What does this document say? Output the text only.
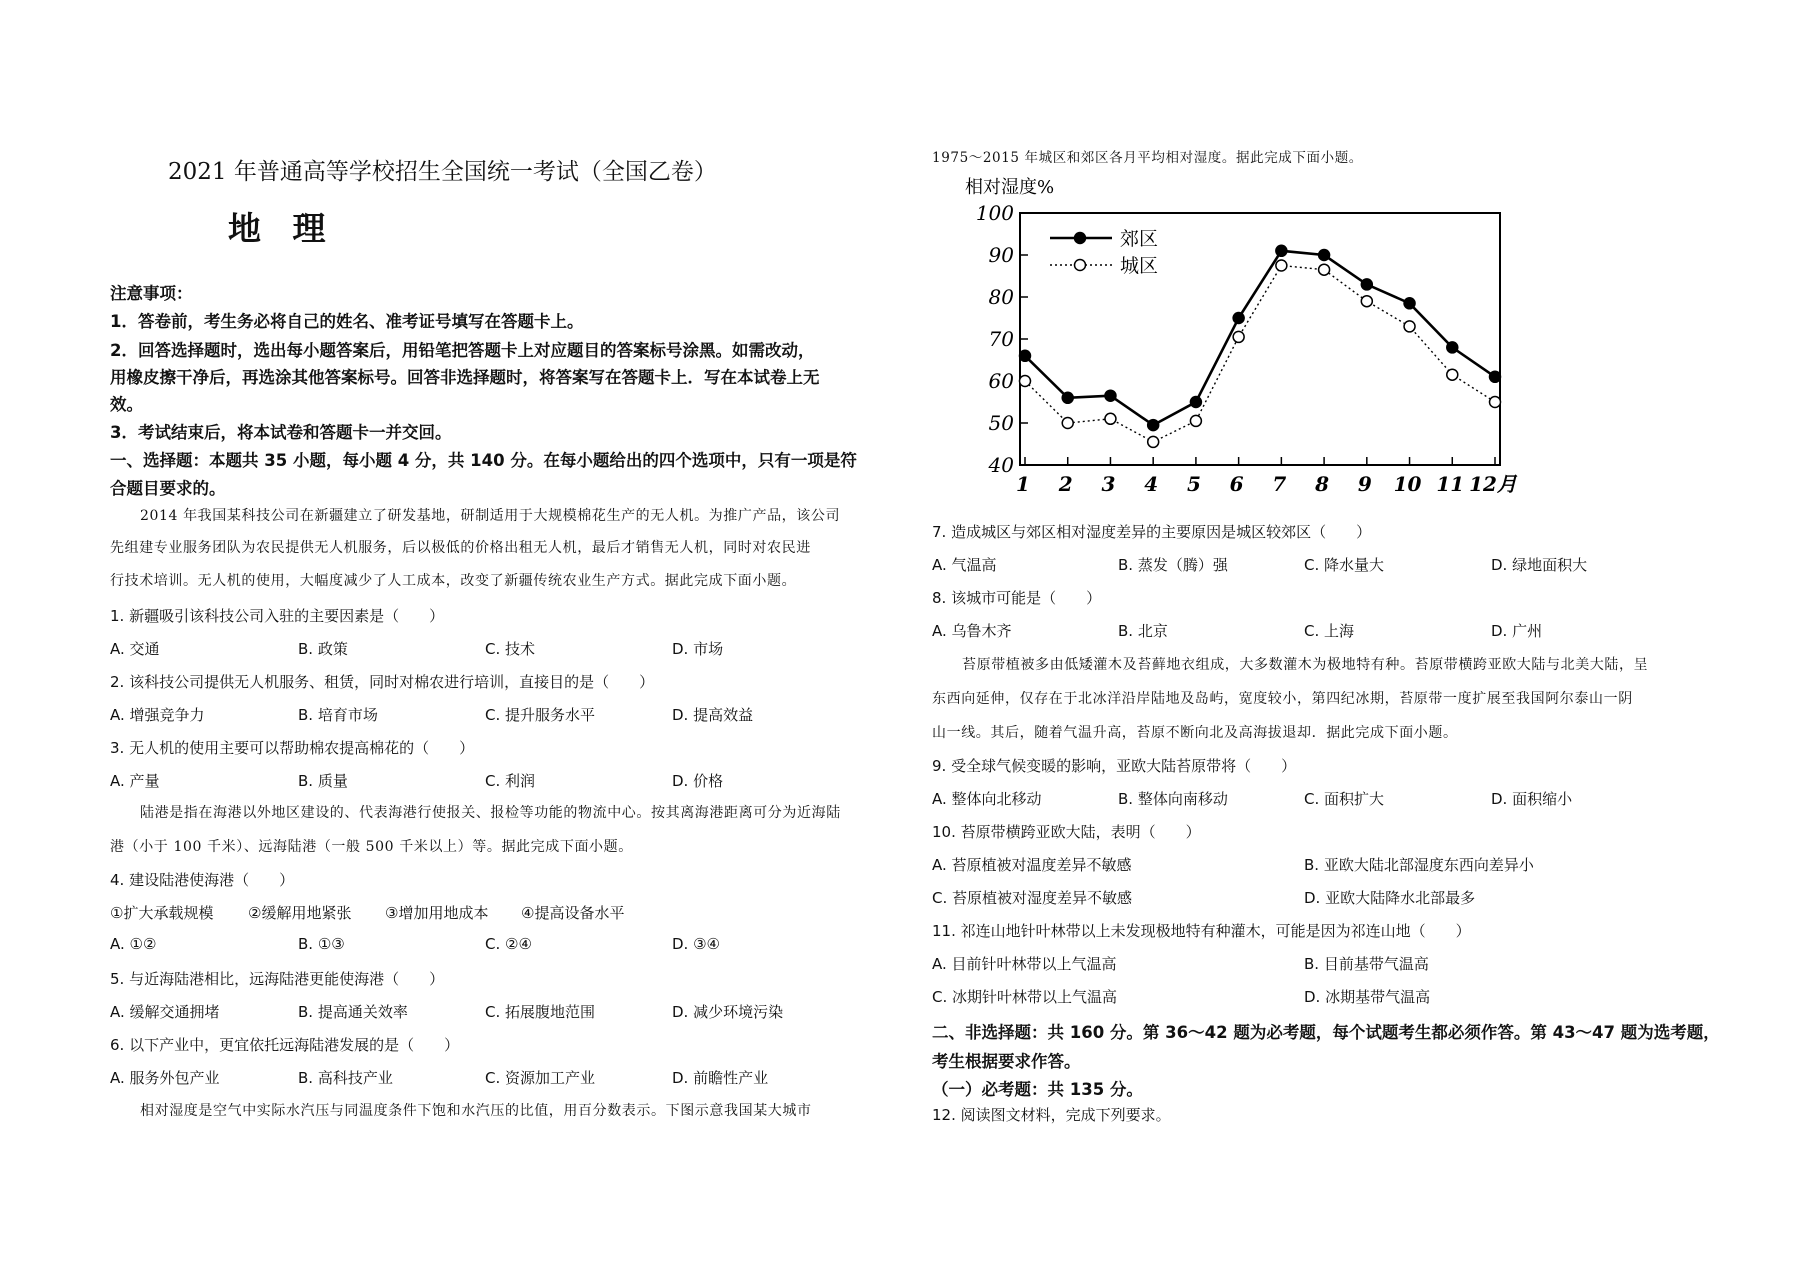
2021 年普通高等学校招生全国统一考试（全国乙卷）
地 理
注意事项：
1．答卷前，考生务必将自己的姓名、准考证号填写在答题卡上。
2．回答选择题时，选出每小题答案后，用铅笔把答题卡上对应题目的答案标号涂黑。如需改动，
用橡皮擦干净后，再选涂其他答案标号。回答非选择题时，将答案写在答题卡上．写在本试卷上无
效。
3．考试结束后，将本试卷和答题卡一并交回。
一、选择题：本题共 35 小题，每小题 4 分，共 140 分。在每小题给出的四个选项中，只有一项是符
合题目要求的。
2014 年我国某科技公司在新疆建立了研发基地，研制适用于大规模棉花生产的无人机。为推广产品，该公司
先组建专业服务团队为农民提供无人机服务，后以极低的价格出租无人机，最后才销售无人机，同时对农民进
行技术培训。无人机的使用，大幅度减少了人工成本，改变了新疆传统农业生产方式。据此完成下面小题。
1. 新疆吸引该科技公司入驻的主要因素是（　　）
A. 交通	B. 政策	C. 技术	D. 市场
2. 该科技公司提供无人机服务、租赁，同时对棉农进行培训，直接目的是（　　）
A. 增强竞争力	B. 培育市场	C. 提升服务水平	D. 提高效益
3. 无人机的使用主要可以帮助棉农提高棉花的（　　）
A. 产量	B. 质量	C. 利润	D. 价格
陆港是指在海港以外地区建设的、代表海港行使报关、报检等功能的物流中心。按其离海港距离可分为近海陆
港（小于 100 千米）、远海陆港（一般 500 千米以上）等。据此完成下面小题。
4. 建设陆港使海港（　　）
①扩大承载规模 ②缓解用地紧张 ③增加用地成本 ④提高设备水平
A. ①②	B. ①③	C. ②④	D. ③④
5. 与近海陆港相比，远海陆港更能使海港（　　）
A. 缓解交通拥堵	B. 提高通关效率	C. 拓展腹地范围	D. 减少环境污染
6. 以下产业中，更宜依托远海陆港发展的是（　　）
A. 服务外包产业	B. 高科技产业	C. 资源加工产业	D. 前瞻性产业
相对湿度是空气中实际水汽压与同温度条件下饱和水汽压的比值，用百分数表示。下图示意我国某大城市
1975～2015 年城区和郊区各月平均相对湿度。据此完成下面小题。
相对湿度%
40
50
60
70
80
90
100
1 2 3 4 5 6 7 8 9 10 11 12月
郊区
城区
7. 造成城区与郊区相对湿度差异的主要原因是城区较郊区（　　）
A. 气温高	B. 蒸发（腾）强	C. 降水量大	D. 绿地面积大
8. 该城市可能是（　　）
A. 乌鲁木齐	B. 北京	C. 上海	D. 广州
苔原带植被多由低矮灌木及苔藓地衣组成，大多数灌木为极地特有种。苔原带横跨亚欧大陆与北美大陆，呈
东西向延伸，仅存在于北冰洋沿岸陆地及岛屿，宽度较小，第四纪冰期，苔原带一度扩展至我国阿尔泰山一阴
山一线。其后，随着气温升高，苔原不断向北及高海拔退却．据此完成下面小题。
9. 受全球气候变暖的影响，亚欧大陆苔原带将（　　）
A. 整体向北移动	B. 整体向南移动	C. 面积扩大	D. 面积缩小
10. 苔原带横跨亚欧大陆，表明（　　）
A. 苔原植被对温度差异不敏感	B. 亚欧大陆北部湿度东西向差异小
C. 苔原植被对湿度差异不敏感	D. 亚欧大陆降水北部最多
11. 祁连山地针叶林带以上未发现极地特有种灌木，可能是因为祁连山地（　　）
A. 目前针叶林带以上气温高	B. 目前基带气温高
C. 冰期针叶林带以上气温高	D. 冰期基带气温高
二、非选择题：共 160 分。第 36～42 题为必考题，每个试题考生都必须作答。第 43～47 题为选考题，
考生根据要求作答。
（一）必考题：共 135 分。
12. 阅读图文材料，完成下列要求。
